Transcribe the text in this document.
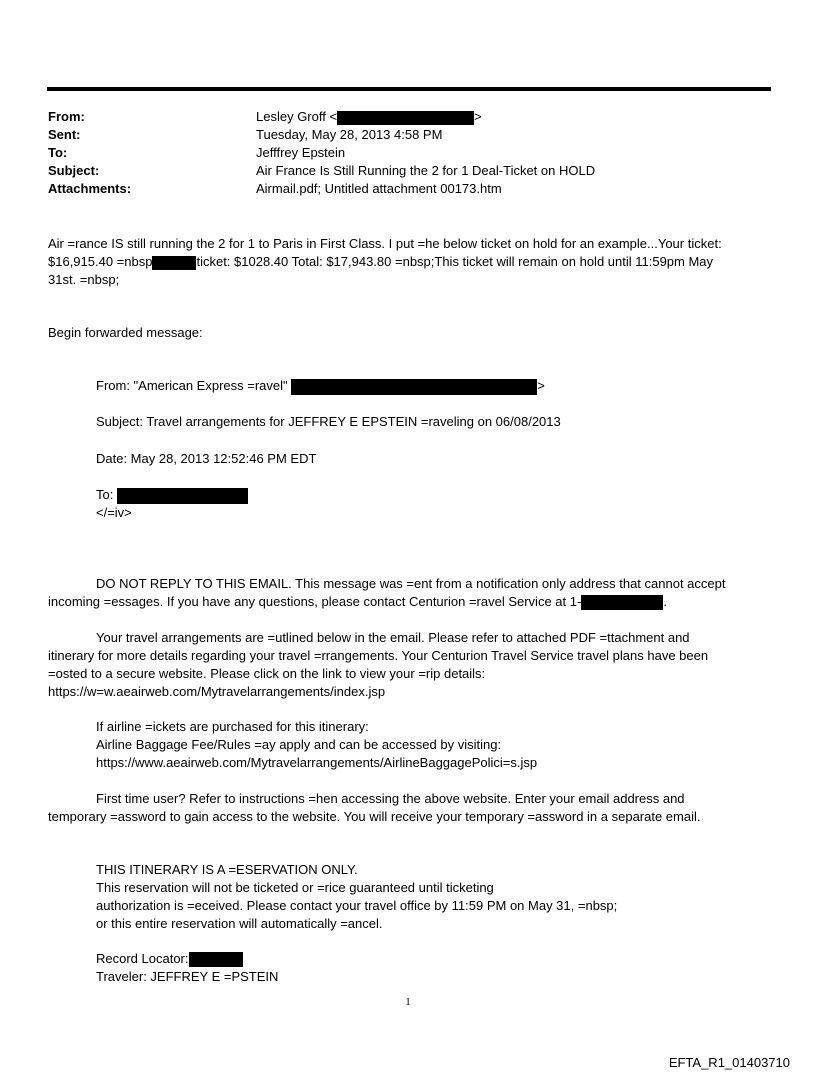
From:	Lesley Groff <	>
Sent:	Tuesday, May 28, 2013 4:58 PM
To:	Jefffrey Epstein
Subject:	Air France Is Still Running the 2 for 1 Deal-Ticket on HOLD
Attachments:	Airmail.pdf; Untitled attachment 00173.htm
Air =rance IS still running the 2 for 1 to Paris in First Class. I put =he below ticket on hold for an example...Your ticket:
$16,915.40 =nbsp	ticket: $1028.40 Total: $17,943.80 =nbsp;This ticket will remain on hold until 11:59pm May
31st. =nbsp;
Begin forwarded message:
From: "American Express =ravel"	>
Subject: Travel arrangements for JEFFREY E EPSTEIN =raveling on 06/08/2013
Date: May 28, 2013 12:52:46 PM EDT
To:
</=iv>
DO NOT REPLY TO THIS EMAIL. This message was =ent from a notification only address that cannot accept
incoming =essages. If you have any questions, please contact Centurion =ravel Service at 1-	.
Your travel arrangements are =utlined below in the email. Please refer to attached PDF =ttachment and
itinerary for more details regarding your travel =rrangements. Your Centurion Travel Service travel plans have been
=osted to a secure website. Please click on the link to view your =rip details:
https://w=w.aeairweb.com/Mytravelarrangements/index.jsp
If airline =ickets are purchased for this itinerary:
Airline Baggage Fee/Rules =ay apply and can be accessed by visiting:
https://www.aeairweb.com/Mytravelarrangements/AirlineBaggagePolici=s.jsp
First time user? Refer to instructions =hen accessing the above website. Enter your email address and
temporary =assword to gain access to the website. You will receive your temporary =assword in a separate email.
THIS ITINERARY IS A =ESERVATION ONLY.
This reservation will not be ticketed or =rice guaranteed until ticketing
authorization is =eceived. Please contact your travel office by 11:59 PM on May 31, =nbsp;
or this entire reservation will automatically =ancel.
Record Locator:
Traveler: JEFFREY E =PSTEIN
1
EFTA_R1_01403710
